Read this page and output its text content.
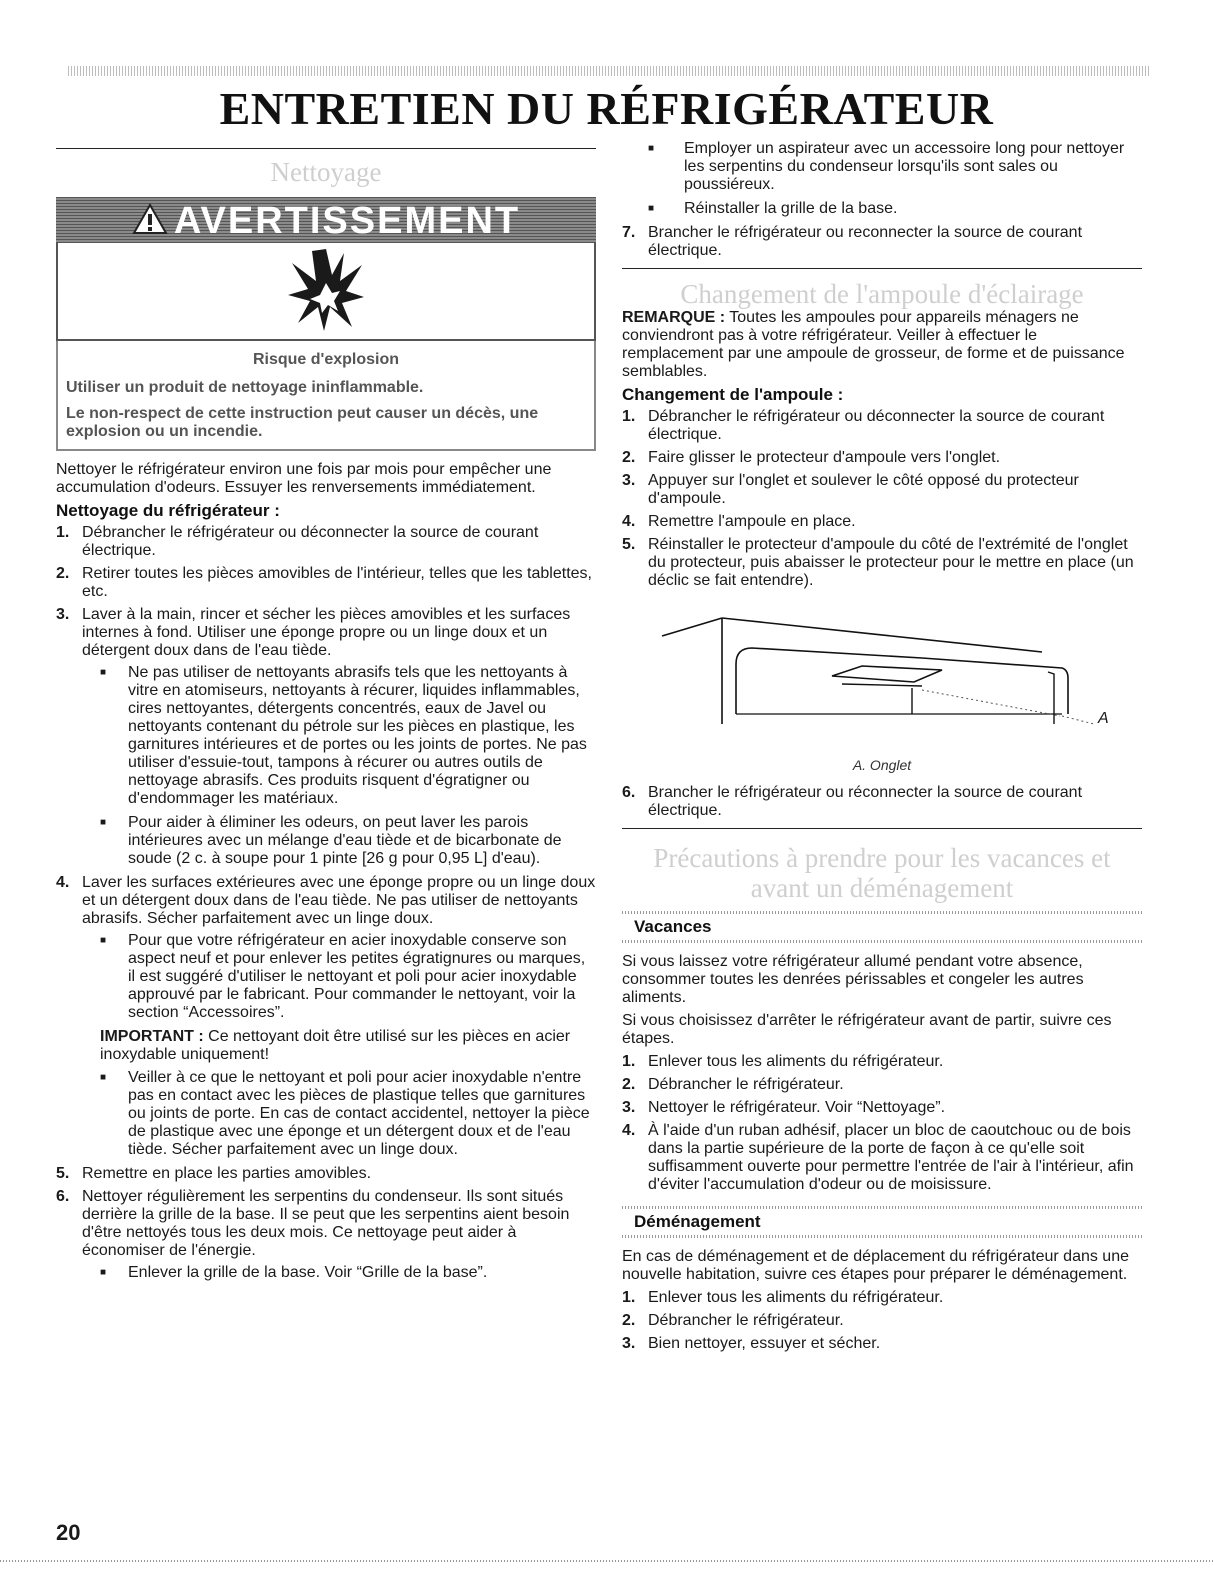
ENTRETIEN DU RÉFRIGÉRATEUR
Nettoyage
AVERTISSEMENT
Risque d'explosion
Utiliser un produit de nettoyage ininflammable.
Le non-respect de cette instruction peut causer un décès, une explosion ou un incendie.

Nettoyer le réfrigérateur environ une fois par mois pour empêcher une accumulation d'odeurs. Essuyer les renversements immédiatement.

Nettoyage du réfrigérateur :
1. Débrancher le réfrigérateur ou déconnecter la source de courant électrique.
2. Retirer toutes les pièces amovibles de l'intérieur, telles que les tablettes, etc.
3. Laver à la main, rincer et sécher les pièces amovibles et les surfaces internes à fond. Utiliser une éponge propre ou un linge doux et un détergent doux dans de l'eau tiède.
■	Ne pas utiliser de nettoyants abrasifs tels que les nettoyants à vitre en atomiseurs, nettoyants à récurer, liquides inflammables, cires nettoyantes, détergents concentrés, eaux de Javel ou nettoyants contenant du pétrole sur les pièces en plastique, les garnitures intérieures et de portes ou les joints de portes. Ne pas utiliser d'essuie-tout, tampons à récurer ou autres outils de nettoyage abrasifs. Ces produits risquent d'égratigner ou d'endommager les matériaux.
■	Pour aider à éliminer les odeurs, on peut laver les parois intérieures avec un mélange d'eau tiède et de bicarbonate de soude (2 c. à soupe pour 1 pinte [26 g pour 0,95 L] d'eau).
4. Laver les surfaces extérieures avec une éponge propre ou un linge doux et un détergent doux dans de l'eau tiède. Ne pas utiliser de nettoyants abrasifs. Sécher parfaitement avec un linge doux.
■	Pour que votre réfrigérateur en acier inoxydable conserve son aspect neuf et pour enlever les petites égratignures ou marques, il est suggéré d'utiliser le nettoyant et poli pour acier inoxydable approuvé par le fabricant. Pour commander le nettoyant, voir la section “Accessoires”.

IMPORTANT : Ce nettoyant doit être utilisé sur les pièces en acier inoxydable uniquement!

■	Veiller à ce que le nettoyant et poli pour acier inoxydable n'entre pas en contact avec les pièces de plastique telles que garnitures ou joints de porte. En cas de contact accidentel, nettoyer la pièce de plastique avec une éponge et un détergent doux et de l'eau tiède. Sécher parfaitement avec un linge doux.
5. Remettre en place les parties amovibles.
6. Nettoyer régulièrement les serpentins du condenseur. Ils sont situés derrière la grille de la base. Il se peut que les serpentins aient besoin d'être nettoyés tous les deux mois. Ce nettoyage peut aider à économiser de l'énergie.
■	Enlever la grille de la base. Voir “Grille de la base”.
■	Employer un aspirateur avec un accessoire long pour nettoyer les serpentins du condenseur lorsqu'ils sont sales ou poussiéreux.
■	Réinstaller la grille de la base.
7. Brancher le réfrigérateur ou reconnecter la source de courant électrique.
Changement de l'ampoule d'éclairage

REMARQUE : Toutes les ampoules pour appareils ménagers ne conviendront pas à votre réfrigérateur. Veiller à effectuer le remplacement par une ampoule de grosseur, de forme et de puissance semblables.

Changement de l'ampoule :
1. Débrancher le réfrigérateur ou déconnecter la source de courant électrique.
2. Faire glisser le protecteur d'ampoule vers l'onglet.
3. Appuyer sur l'onglet et soulever le côté opposé du protecteur d'ampoule.
4. Remettre l'ampoule en place.
5. Réinstaller le protecteur d'ampoule du côté de l'extrémité de l'onglet du protecteur, puis abaisser le protecteur pour le mettre en place (un déclic se fait entendre).
A
A. Onglet
6. Brancher le réfrigérateur ou réconnecter la source de courant électrique.
Précautions à prendre pour les vacances et avant un déménagement
Vacances

Si vous laissez votre réfrigérateur allumé pendant votre absence, consommer toutes les denrées périssables et congeler les autres aliments.

Si vous choisissez d'arrêter le réfrigérateur avant de partir, suivre ces étapes.

1. Enlever tous les aliments du réfrigérateur.
2. Débrancher le réfrigérateur.
3. Nettoyer le réfrigérateur. Voir “Nettoyage”.
4. À l'aide d'un ruban adhésif, placer un bloc de caoutchouc ou de bois dans la partie supérieure de la porte de façon à ce qu'elle soit suffisamment ouverte pour permettre l'entrée de l'air à l'intérieur, afin d'éviter l'accumulation d'odeur ou de moisissure.
Déménagement

En cas de déménagement et de déplacement du réfrigérateur dans une nouvelle habitation, suivre ces étapes pour préparer le déménagement.

1. Enlever tous les aliments du réfrigérateur.
2. Débrancher le réfrigérateur.
3. Bien nettoyer, essuyer et sécher.
20
